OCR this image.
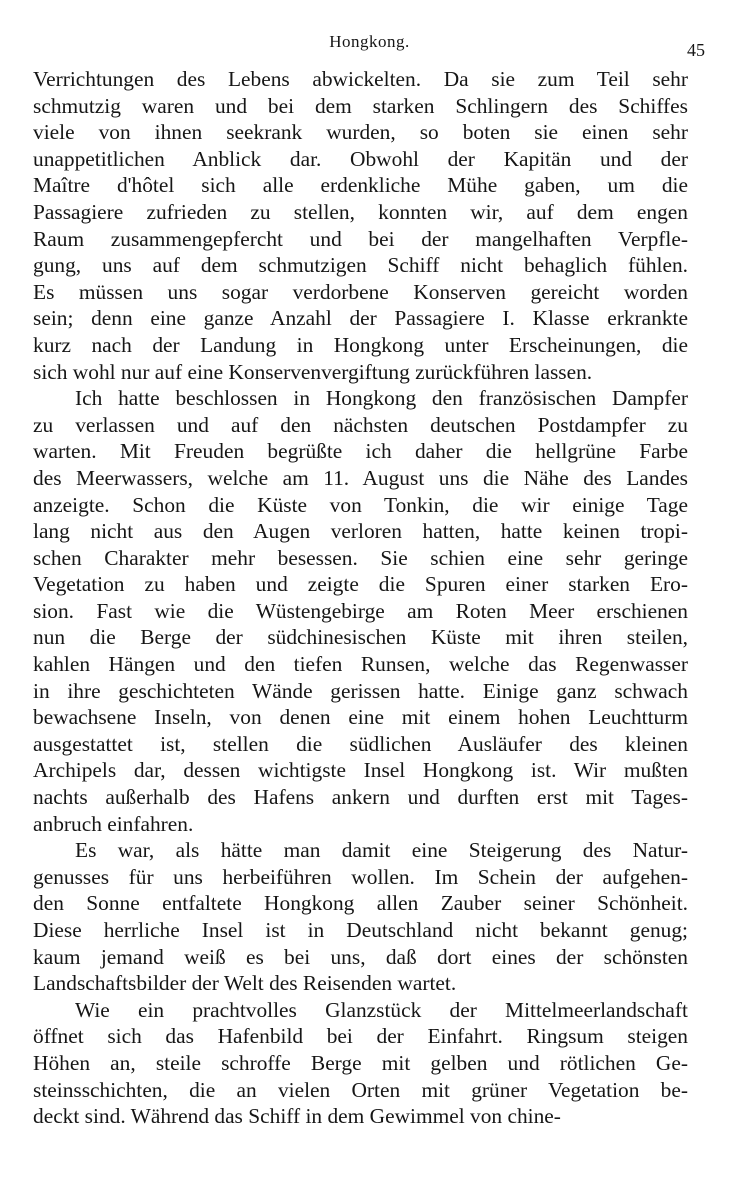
Hongkong.	45
Verrichtungen des Lebens abwickelten. Da sie zum Teil sehr
schmutzig waren und bei dem starken Schlingern des Schiffes
viele von ihnen seekrank wurden, so boten sie einen sehr
unappetitlichen Anblick dar. Obwohl der Kapitän und der
Maître d'hôtel sich alle erdenkliche Mühe gaben, um die
Passagiere zufrieden zu stellen, konnten wir, auf dem engen
Raum zusammengepfercht und bei der mangelhaften Verpfle-
gung, uns auf dem schmutzigen Schiff nicht behaglich fühlen.
Es müssen uns sogar verdorbene Konserven gereicht worden
sein; denn eine ganze Anzahl der Passagiere I. Klasse erkrankte
kurz nach der Landung in Hongkong unter Erscheinungen, die
sich wohl nur auf eine Konservenvergiftung zurückführen lassen.
Ich hatte beschlossen in Hongkong den französischen Dampfer
zu verlassen und auf den nächsten deutschen Postdampfer zu
warten. Mit Freuden begrüßte ich daher die hellgrüne Farbe
des Meerwassers, welche am 11. August uns die Nähe des Landes
anzeigte. Schon die Küste von Tonkin, die wir einige Tage
lang nicht aus den Augen verloren hatten, hatte keinen tropi-
schen Charakter mehr besessen. Sie schien eine sehr geringe
Vegetation zu haben und zeigte die Spuren einer starken Ero-
sion. Fast wie die Wüstengebirge am Roten Meer erschienen
nun die Berge der südchinesischen Küste mit ihren steilen,
kahlen Hängen und den tiefen Runsen, welche das Regenwasser
in ihre geschichteten Wände gerissen hatte. Einige ganz schwach
bewachsene Inseln, von denen eine mit einem hohen Leuchtturm
ausgestattet ist, stellen die südlichen Ausläufer des kleinen
Archipels dar, dessen wichtigste Insel Hongkong ist. Wir mußten
nachts außerhalb des Hafens ankern und durften erst mit Tages-
anbruch einfahren.
Es war, als hätte man damit eine Steigerung des Natur-
genusses für uns herbeiführen wollen. Im Schein der aufgehen-
den Sonne entfaltete Hongkong allen Zauber seiner Schönheit.
Diese herrliche Insel ist in Deutschland nicht bekannt genug;
kaum jemand weiß es bei uns, daß dort eines der schönsten
Landschaftsbilder der Welt des Reisenden wartet.
Wie ein prachtvolles Glanzstück der Mittelmeerlandschaft
öffnet sich das Hafenbild bei der Einfahrt. Ringsum steigen
Höhen an, steile schroffe Berge mit gelben und rötlichen Ge-
steinsschichten, die an vielen Orten mit grüner Vegetation be-
deckt sind. Während das Schiff in dem Gewimmel von chine-
